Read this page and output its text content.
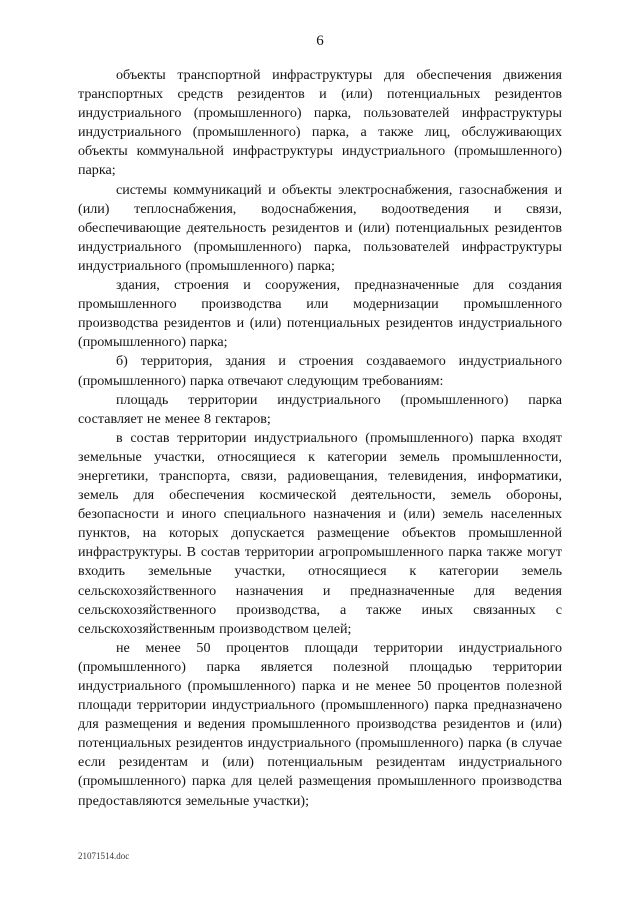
6

объекты транспортной инфраструктуры для обеспечения движения транспортных средств резидентов и (или) потенциальных резидентов индустриального (промышленного) парка, пользователей инфраструктуры индустриального (промышленного) парка, а также лиц, обслуживающих объекты коммунальной инфраструктуры индустриального (промышленного) парка;

системы коммуникаций и объекты электроснабжения, газоснабжения и (или) теплоснабжения, водоснабжения, водоотведения и связи, обеспечивающие деятельность резидентов и (или) потенциальных резидентов индустриального (промышленного) парка, пользователей инфраструктуры индустриального (промышленного) парка;

здания, строения и сооружения, предназначенные для создания промышленного производства или модернизации промышленного производства резидентов и (или) потенциальных резидентов индустриального (промышленного) парка;

б) территория, здания и строения создаваемого индустриального (промышленного) парка отвечают следующим требованиям:

площадь территории индустриального (промышленного) парка составляет не менее 8 гектаров;

в состав территории индустриального (промышленного) парка входят земельные участки, относящиеся к категории земель промышленности, энергетики, транспорта, связи, радиовещания, телевидения, информатики, земель для обеспечения космической деятельности, земель обороны, безопасности и иного специального назначения и (или) земель населенных пунктов, на которых допускается размещение объектов промышленной инфраструктуры. В состав территории агропромышленного парка также могут входить земельные участки, относящиеся к категории земель сельскохозяйственного назначения и предназначенные для ведения сельскохозяйственного производства, а также иных связанных с сельскохозяйственным производством целей;

не менее 50 процентов площади территории индустриального (промышленного) парка является полезной площадью территории индустриального (промышленного) парка и не менее 50 процентов полезной площади территории индустриального (промышленного) парка предназначено для размещения и ведения промышленного производства резидентов и (или) потенциальных резидентов индустриального (промышленного) парка (в случае если резидентам и (или) потенциальным резидентам индустриального (промышленного) парка для целей размещения промышленного производства предоставляются земельные участки);

21071514.doc
